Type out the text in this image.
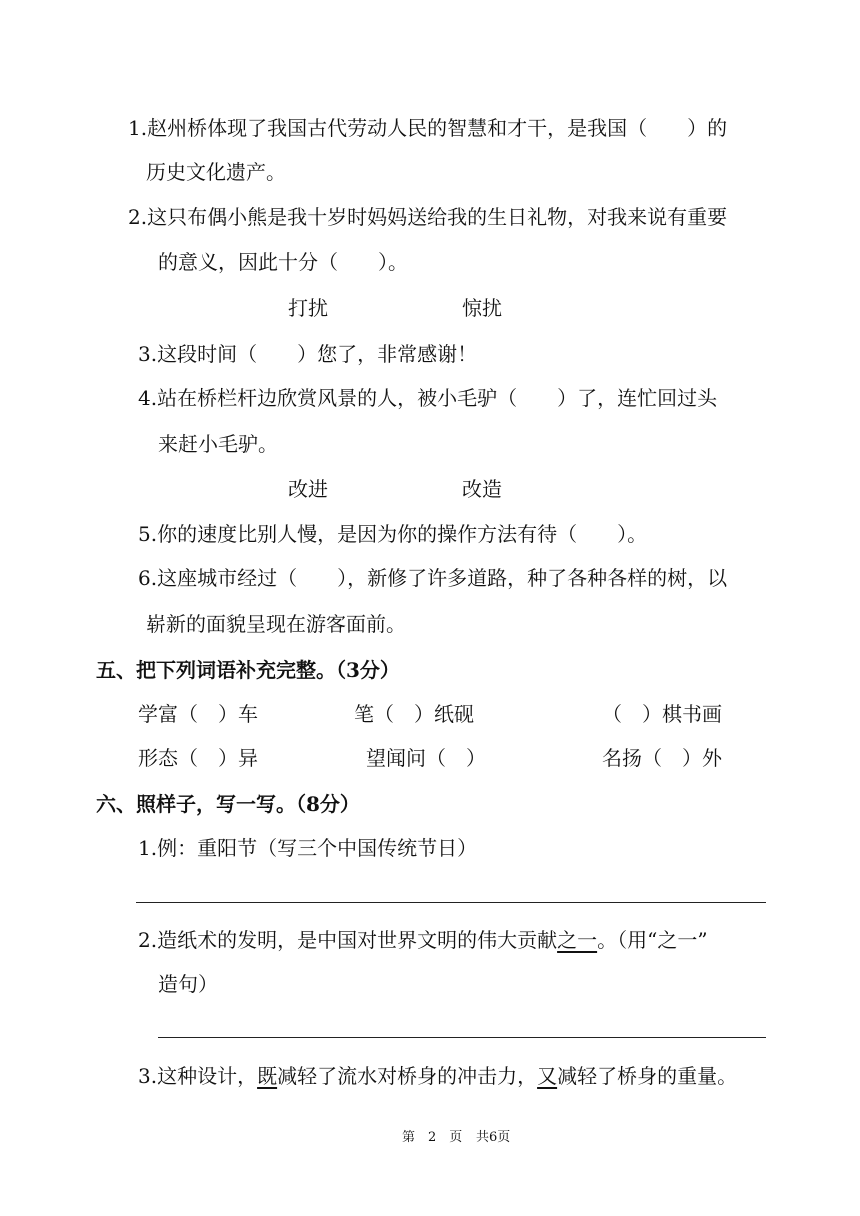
1.赵州桥体现了我国古代劳动人民的智慧和才干，是我国（　　）的
历史文化遗产。
2.这只布偶小熊是我十岁时妈妈送给我的生日礼物，对我来说有重要
的意义，因此十分（　　）。
打扰	惊扰
3.这段时间（　　）您了，非常感谢！
4.站在桥栏杆边欣赏风景的人，被小毛驴（　　）了，连忙回过头
来赶小毛驴。
改进	改造
5.你的速度比别人慢，是因为你的操作方法有待（　　）。
6.这座城市经过（　　），新修了许多道路，种了各种各样的树，以
崭新的面貌呈现在游客面前。
五、把下列词语补充完整。（3分）
学富（　）车	笔（　）纸砚	（　）棋书画
形态（　）异	望闻问（　）	名扬（　）外
六、照样子，写一写。（8分）
1.例：重阳节（写三个中国传统节日）
2.造纸术的发明，是中国对世界文明的伟大贡献之一。（用“之一”
造句）
3.这种设计，既减轻了流水对桥身的冲击力，又减轻了桥身的重量。
第　2　页 共6页
